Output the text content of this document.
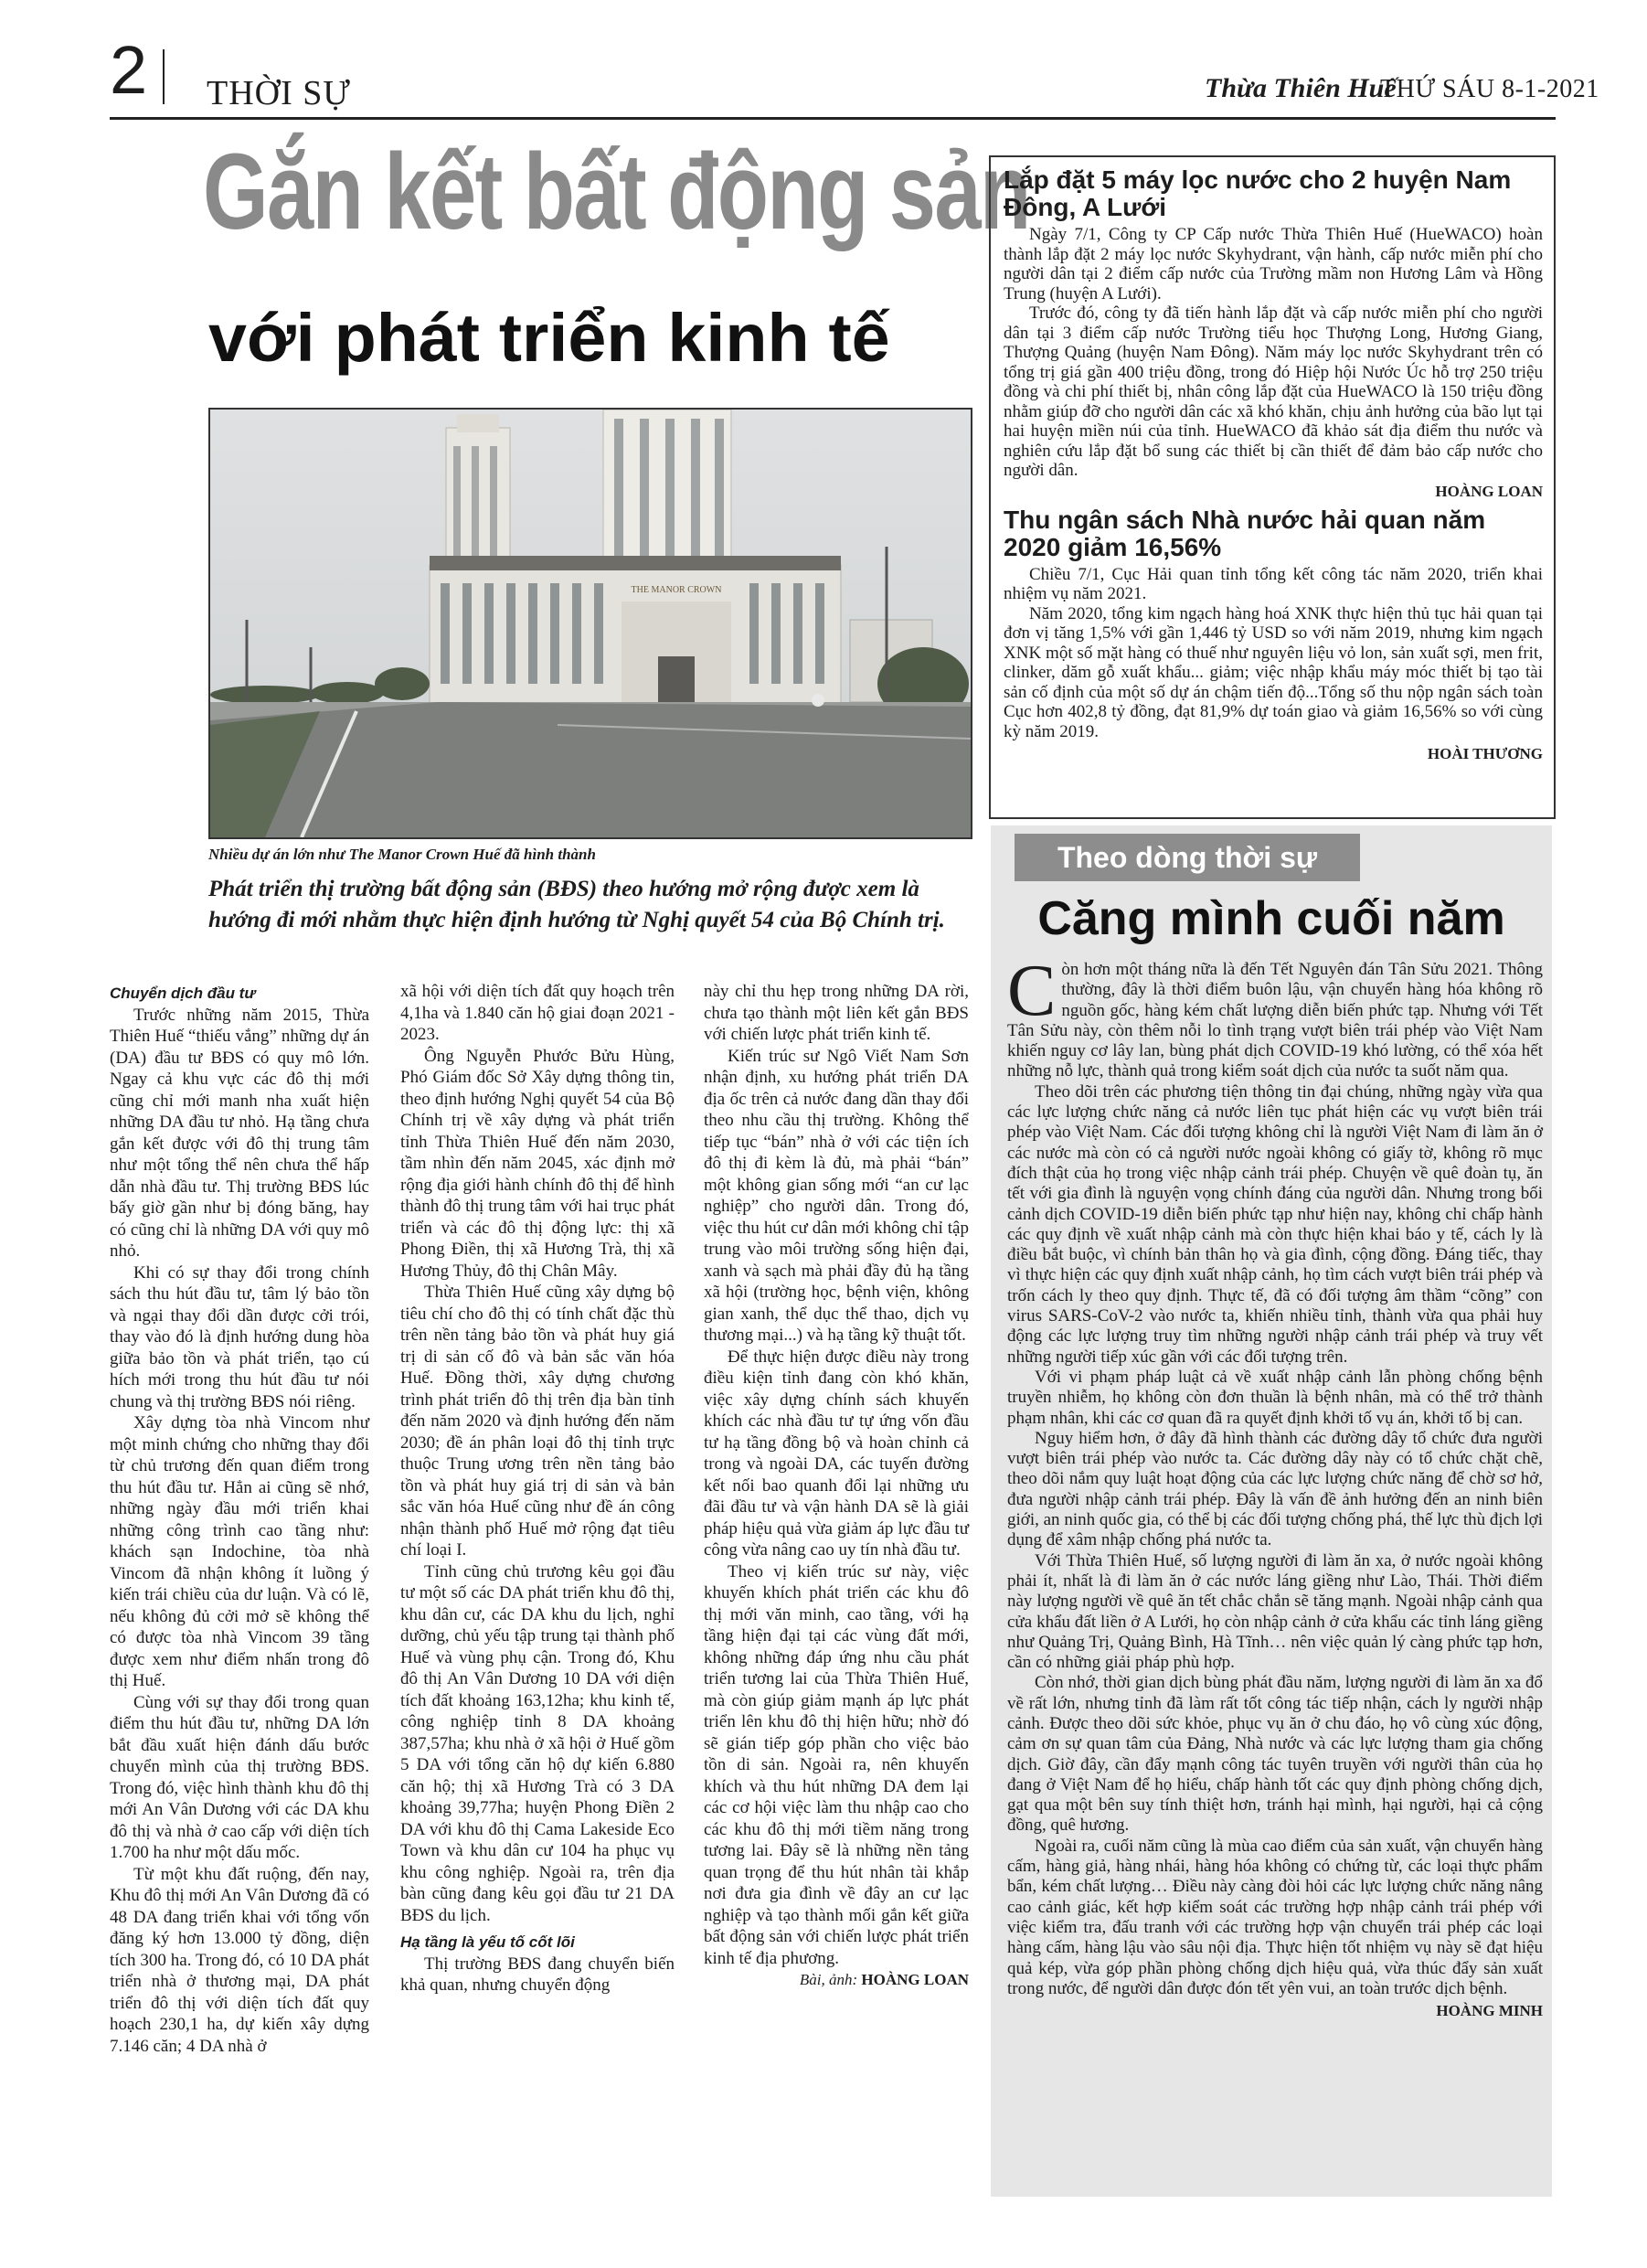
2 THỜI SỰ	Thừa Thiên Huế
THỨ SÁU 8-1-2021
Gắn kết bất động sản
với phát triển kinh tế
THE MANOR CROWN
Nhiều dự án lớn như The Manor Crown Huế đã hình thành
Phát triển thị trường bất động sản (BĐS) theo hướng mở rộng được xem là hướng đi mới nhằm thực hiện định hướng từ Nghị quyết 54 của Bộ Chính trị.

Chuyển dịch đầu tư

Trước những năm 2015, Thừa Thiên Huế “thiếu vắng” những dự án (DA) đầu tư BĐS có quy mô lớn. Ngay cả khu vực các đô thị mới cũng chỉ mới manh nha xuất hiện những DA đầu tư nhỏ. Hạ tầng chưa gắn kết được với đô thị trung tâm như một tổng thể nên chưa thể hấp dẫn nhà đầu tư. Thị trường BĐS lúc bấy giờ gần như bị đóng băng, hay có cũng chỉ là những DA với quy mô nhỏ.

Khi có sự thay đổi trong chính sách thu hút đầu tư, tâm lý bảo tồn và ngại thay đổi dần được cởi trói, thay vào đó là định hướng dung hòa giữa bảo tồn và phát triển, tạo cú hích mới trong thu hút đầu tư nói chung và thị trường BĐS nói riêng.

Xây dựng tòa nhà Vincom như một minh chứng cho những thay đổi từ chủ trương đến quan điểm trong thu hút đầu tư. Hẳn ai cũng sẽ nhớ, những ngày đầu mới triển khai những công trình cao tầng như: khách sạn Indochine, tòa nhà Vincom đã nhận không ít luồng ý kiến trái chiều của dư luận. Và có lẽ, nếu không đủ cởi mở sẽ không thể có được tòa nhà Vincom 39 tầng được xem như điểm nhấn trong đô thị Huế.

Cùng với sự thay đổi trong quan điểm thu hút đầu tư, những DA lớn bắt đầu xuất hiện đánh dấu bước chuyển mình của thị trường BĐS. Trong đó, việc hình thành khu đô thị mới An Vân Dương với các DA khu đô thị và nhà ở cao cấp với diện tích 1.700 ha như một dấu mốc.

Từ một khu đất ruộng, đến nay, Khu đô thị mới An Vân Dương đã có 48 DA đang triển khai với tổng vốn đăng ký hơn 13.000 tỷ đồng, diện tích 300 ha. Trong đó, có 10 DA phát triển nhà ở thương mại, DA phát triển đô thị với diện tích đất quy hoạch 230,1 ha, dự kiến xây dựng 7.146 căn; 4 DA nhà ở

xã hội với diện tích đất quy hoạch trên 4,1ha và 1.840 căn hộ giai đoạn 2021 - 2023.

Ông Nguyễn Phước Bửu Hùng, Phó Giám đốc Sở Xây dựng thông tin, theo định hướng Nghị quyết 54 của Bộ Chính trị về xây dựng và phát triển tỉnh Thừa Thiên Huế đến năm 2030, tầm nhìn đến năm 2045, xác định mở rộng địa giới hành chính đô thị để hình thành đô thị trung tâm với hai trục phát triển và các đô thị động lực: thị xã Phong Điền, thị xã Hương Trà, thị xã Hương Thủy, đô thị Chân Mây.

Thừa Thiên Huế cũng xây dựng bộ tiêu chí cho đô thị có tính chất đặc thù trên nền tảng bảo tồn và phát huy giá trị di sản cố đô và bản sắc văn hóa Huế. Đồng thời, xây dựng chương trình phát triển đô thị trên địa bàn tỉnh đến năm 2020 và định hướng đến năm 2030; đề án phân loại đô thị tỉnh trực thuộc Trung ương trên nền tảng bảo tồn và phát huy giá trị di sản và bản sắc văn hóa Huế cũng như đề án công nhận thành phố Huế mở rộng đạt tiêu chí loại I.

Tỉnh cũng chủ trương kêu gọi đầu tư một số các DA phát triển khu đô thị, khu dân cư, các DA khu du lịch, nghỉ dưỡng, chủ yếu tập trung tại thành phố Huế và vùng phụ cận. Trong đó, Khu đô thị An Vân Dương 10 DA với diện tích đất khoảng 163,12ha; khu kinh tế, công nghiệp tỉnh 8 DA khoảng 387,57ha; khu nhà ở xã hội ở Huế gồm 5 DA với tổng căn hộ dự kiến 6.880 căn hộ; thị xã Hương Trà có 3 DA khoảng 39,77ha; huyện Phong Điền 2 DA với khu đô thị Cama Lakeside Eco Town và khu dân cư 104 ha phục vụ khu công nghiệp. Ngoài ra, trên địa bàn cũng đang kêu gọi đầu tư 21 DA BĐS du lịch.

Hạ tầng là yếu tố cốt lõi

Thị trường BĐS đang chuyển biến khả quan, nhưng chuyển động

này chỉ thu hẹp trong những DA rời, chưa tạo thành một liên kết gắn BĐS với chiến lược phát triển kinh tế.

Kiến trúc sư Ngô Viết Nam Sơn nhận định, xu hướng phát triển DA địa ốc trên cả nước đang dần thay đổi theo nhu cầu thị trường. Không thể tiếp tục “bán” nhà ở với các tiện ích đô thị đi kèm là đủ, mà phải “bán” một không gian sống mới “an cư lạc nghiệp” cho người dân. Trong đó, việc thu hút cư dân mới không chỉ tập trung vào môi trường sống hiện đại, xanh và sạch mà phải đầy đủ hạ tầng xã hội (trường học, bệnh viện, không gian xanh, thể dục thể thao, dịch vụ thương mại...) và hạ tầng kỹ thuật tốt.

Để thực hiện được điều này trong điều kiện tỉnh đang còn khó khăn, việc xây dựng chính sách khuyến khích các nhà đầu tư tự ứng vốn đầu tư hạ tầng đồng bộ và hoàn chỉnh cả trong và ngoài DA, các tuyến đường kết nối bao quanh đổi lại những ưu đãi đầu tư và vận hành DA sẽ là giải pháp hiệu quả vừa giảm áp lực đầu tư công vừa nâng cao uy tín nhà đầu tư.

Theo vị kiến trúc sư này, việc khuyến khích phát triển các khu đô thị mới văn minh, cao tầng, với hạ tầng hiện đại tại các vùng đất mới, không những đáp ứng nhu cầu phát triển tương lai của Thừa Thiên Huế, mà còn giúp giảm mạnh áp lực phát triển lên khu đô thị hiện hữu; nhờ đó sẽ gián tiếp góp phần cho việc bảo tồn di sản. Ngoài ra, nên khuyến khích và thu hút những DA đem lại các cơ hội việc làm thu nhập cao cho các khu đô thị mới tiềm năng trong tương lai. Đây sẽ là những nền tảng quan trọng để thu hút nhân tài khắp nơi đưa gia đình về đây an cư lạc nghiệp và tạo thành mối gắn kết giữa bất động sản với chiến lược phát triển kinh tế địa phương.

Bài, ảnh: HOÀNG LOAN

Lắp đặt 5 máy lọc nước cho 2 huyện Nam Đông, A Lưới

Ngày 7/1, Công ty CP Cấp nước Thừa Thiên Huế (HueWACO) hoàn thành lắp đặt 2 máy lọc nước Skyhydrant, vận hành, cấp nước miễn phí cho người dân tại 2 điểm cấp nước của Trường mầm non Hương Lâm và Hồng Trung (huyện A Lưới).

Trước đó, công ty đã tiến hành lắp đặt và cấp nước miễn phí cho người dân tại 3 điểm cấp nước Trường tiểu học Thượng Long, Hương Giang, Thượng Quảng (huyện Nam Đông). Năm máy lọc nước Skyhydrant trên có tổng trị giá gần 400 triệu đồng, trong đó Hiệp hội Nước Úc hỗ trợ 250 triệu đồng và chi phí thiết bị, nhân công lắp đặt của HueWACO là 150 triệu đồng nhằm giúp đỡ cho người dân các xã khó khăn, chịu ảnh hưởng của bão lụt tại hai huyện miền núi của tỉnh. HueWACO đã khảo sát địa điểm thu nước và nghiên cứu lắp đặt bổ sung các thiết bị cần thiết để đảm bảo cấp nước cho người dân.

HOÀNG LOAN
Thu ngân sách Nhà nước hải quan năm 2020 giảm 16,56%

Chiều 7/1, Cục Hải quan tỉnh tổng kết công tác năm 2020, triển khai nhiệm vụ năm 2021.

Năm 2020, tổng kim ngạch hàng hoá XNK thực hiện thủ tục hải quan tại đơn vị tăng 1,5% với gần 1,446 tỷ USD so với năm 2019, nhưng kim ngạch XNK một số mặt hàng có thuế như nguyên liệu vỏ lon, sản xuất sợi, men frit, clinker, dăm gỗ xuất khẩu... giảm; việc nhập khẩu máy móc thiết bị tạo tài sản cố định của một số dự án chậm tiến độ...Tổng số thu nộp ngân sách toàn Cục hơn 402,8 tỷ đồng, đạt 81,9% dự toán giao và giảm 16,56% so với cùng kỳ năm 2019.

HOÀI THƯƠNG
Theo dòng thời sự
Căng mình cuối năm

Còn hơn một tháng nữa là đến Tết Nguyên đán Tân Sửu 2021. Thông thường, đây là thời điểm buôn lậu, vận chuyển hàng hóa không rõ nguồn gốc, hàng kém chất lượng diễn biến phức tạp. Nhưng với Tết Tân Sửu này, còn thêm nỗi lo tình trạng vượt biên trái phép vào Việt Nam khiến nguy cơ lây lan, bùng phát dịch COVID-19 khó lường, có thể xóa hết những nỗ lực, thành quả trong kiểm soát dịch của nước ta suốt năm qua.

Theo dõi trên các phương tiện thông tin đại chúng, những ngày vừa qua các lực lượng chức năng cả nước liên tục phát hiện các vụ vượt biên trái phép vào Việt Nam. Các đối tượng không chỉ là người Việt Nam đi làm ăn ở các nước mà còn có cả người nước ngoài không có giấy tờ, không rõ mục đích thật của họ trong việc nhập cảnh trái phép. Chuyện về quê đoàn tụ, ăn tết với gia đình là nguyện vọng chính đáng của người dân. Nhưng trong bối cảnh dịch COVID-19 diễn biến phức tạp như hiện nay, không chỉ chấp hành các quy định về xuất nhập cảnh mà còn thực hiện khai báo y tế, cách ly là điều bắt buộc, vì chính bản thân họ và gia đình, cộng đồng. Đáng tiếc, thay vì thực hiện các quy định xuất nhập cảnh, họ tìm cách vượt biên trái phép và trốn cách ly theo quy định. Thực tế, đã có đối tượng âm thầm “cõng” con virus SARS-CoV-2 vào nước ta, khiến nhiều tỉnh, thành vừa qua phải huy động các lực lượng truy tìm những người nhập cảnh trái phép và truy vết những người tiếp xúc gần với các đối tượng trên.

Với vi phạm pháp luật cả về xuất nhập cảnh lẫn phòng chống bệnh truyền nhiễm, họ không còn đơn thuần là bệnh nhân, mà có thể trở thành phạm nhân, khi các cơ quan đã ra quyết định khởi tố vụ án, khởi tố bị can.

Nguy hiểm hơn, ở đây đã hình thành các đường dây tổ chức đưa người vượt biên trái phép vào nước ta. Các đường dây này có tổ chức chặt chẽ, theo dõi nắm quy luật hoạt động của các lực lượng chức năng để chờ sơ hở, đưa người nhập cảnh trái phép. Đây là vấn đề ảnh hưởng đến an ninh biên giới, an ninh quốc gia, có thể bị các đối tượng chống phá, thế lực thù địch lợi dụng để xâm nhập chống phá nước ta.

Với Thừa Thiên Huế, số lượng người đi làm ăn xa, ở nước ngoài không phải ít, nhất là đi làm ăn ở các nước láng giềng như Lào, Thái. Thời điểm này lượng người về quê ăn tết chắc chắn sẽ tăng mạnh. Ngoài nhập cảnh qua cửa khẩu đất liền ở A Lưới, họ còn nhập cảnh ở cửa khẩu các tỉnh láng giềng như Quảng Trị, Quảng Bình, Hà Tĩnh… nên việc quản lý càng phức tạp hơn, cần có những giải pháp phù hợp.

Còn nhớ, thời gian dịch bùng phát đầu năm, lượng người đi làm ăn xa đổ về rất lớn, nhưng tỉnh đã làm rất tốt công tác tiếp nhận, cách ly người nhập cảnh. Được theo dõi sức khỏe, phục vụ ăn ở chu đáo, họ vô cùng xúc động, cảm ơn sự quan tâm của Đảng, Nhà nước và các lực lượng tham gia chống dịch. Giờ đây, cần đẩy mạnh công tác tuyên truyền với người thân của họ đang ở Việt Nam để họ hiểu, chấp hành tốt các quy định phòng chống dịch, gạt qua một bên suy tính thiệt hơn, tránh hại mình, hại người, hại cả cộng đồng, quê hương.

Ngoài ra, cuối năm cũng là mùa cao điểm của sản xuất, vận chuyển hàng cấm, hàng giả, hàng nhái, hàng hóa không có chứng từ, các loại thực phẩm bẩn, kém chất lượng… Điều này càng đòi hỏi các lực lượng chức năng nâng cao cảnh giác, kết hợp kiểm soát các trường hợp nhập cảnh trái phép với việc kiểm tra, đấu tranh với các trường hợp vận chuyển trái phép các loại hàng cấm, hàng lậu vào sâu nội địa. Thực hiện tốt nhiệm vụ này sẽ đạt hiệu quả kép, vừa góp phần phòng chống dịch hiệu quả, vừa thúc đẩy sản xuất trong nước, để người dân được đón tết yên vui, an toàn trước dịch bệnh.

HOÀNG MINH
